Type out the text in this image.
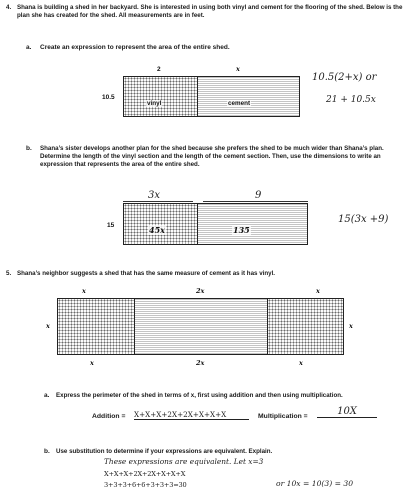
4. Shana is building a shed in her backyard. She is interested in using both vinyl and cement for the flooring of the shed. Below is the plan she has created for the shed. All measurements are in feet.
a. Create an expression to represent the area of the entire shed.
2	x
10.5
vinyl	cement
10.5(2+x) or
21 + 10.5x
b. Shana’s sister develops another plan for the shed because she prefers the shed to be much wider than Shana’s plan. Determine the length of the vinyl section and the length of the cement section. Then, use the dimensions to write an expression that represents the area of the entire shed.
3x	9
15	45x	135
15(3x +9)
5. Shana’s neighbor suggests a shed that has the same measure of cement as it has vinyl.
x	2x	x
x	x
x	2x	x
a. Express the perimeter of the shed in terms of x, first using addition and then using multiplication.
Addition = X+X+X+2X+2X+X+X+X	Multiplication =	10X
b. Use substitution to determine if your expressions are equivalent. Explain.
These expressions are equivalent. Let x=3
X+X+X+2X+2X+X+X+X
3+3+3+6+6+3+3+3=30	or 10x = 10(3) = 30
